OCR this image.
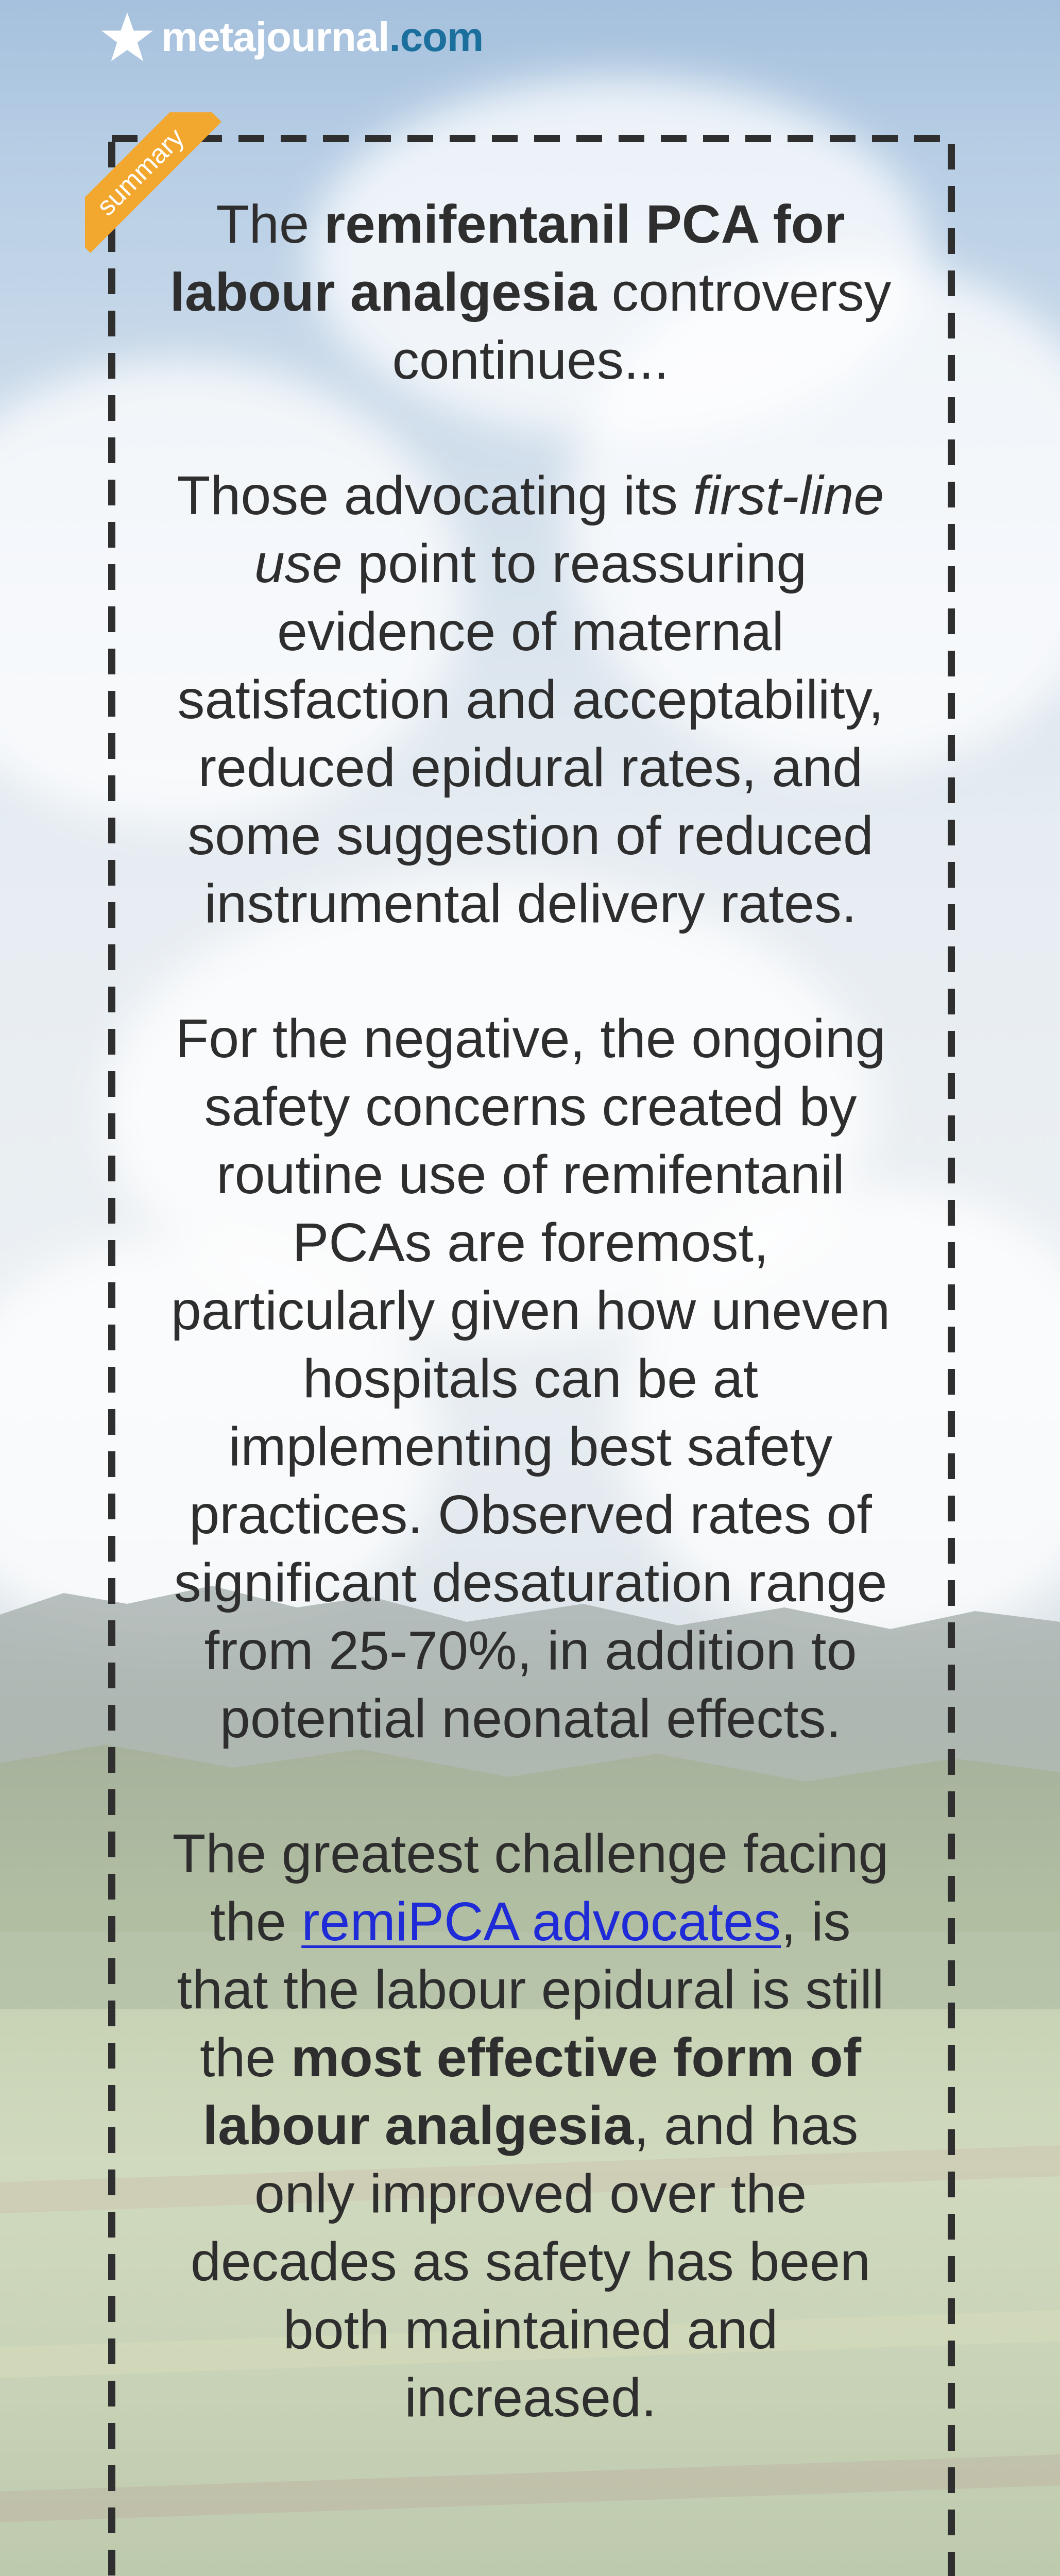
metajournal.com
summary
The remifentanil PCA for labour analgesia controversy continues...

Those advocating its first-line use point to reassuring evidence of maternal satisfaction and acceptability, reduced epidural rates, and some suggestion of reduced instrumental delivery rates.

For the negative, the ongoing safety concerns created by routine use of remifentanil PCAs are foremost, particularly given how uneven hospitals can be at implementing best safety practices. Observed rates of significant desaturation range from 25-70%, in addition to potential neonatal effects.

The greatest challenge facing the remiPCA advocates, is that the labour epidural is still the most effective form of labour analgesia, and has only improved over the decades as safety has been both maintained and increased.
